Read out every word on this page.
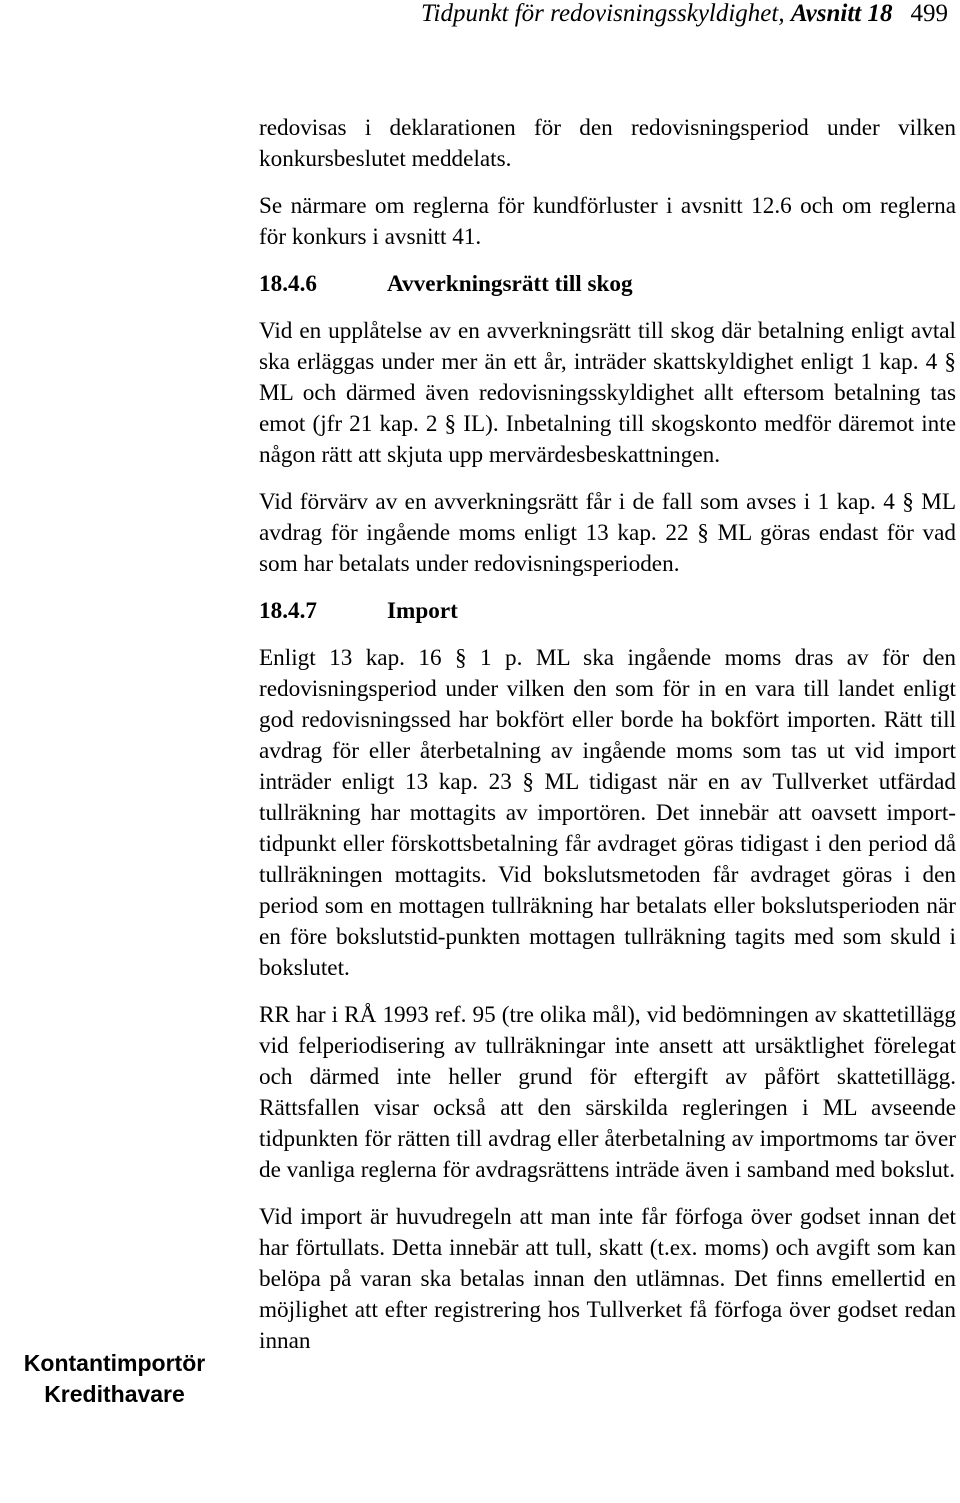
Tidpunkt för redovisningsskyldighet, Avsnitt 18 499

redovisas i deklarationen för den redovisningsperiod under vilken konkursbeslutet meddelats.

Se närmare om reglerna för kundförluster i avsnitt 12.6 och om reglerna för konkurs i avsnitt 41.

18.4.6	Avverkningsrätt till skog

Vid en upplåtelse av en avverkningsrätt till skog där betalning enligt avtal ska erläggas under mer än ett år, inträder skattskyldighet enligt 1 kap. 4 § ML och därmed även redovisningsskyldighet allt eftersom betalning tas emot (jfr 21 kap. 2 § IL). Inbetalning till skogskonto medför däremot inte någon rätt att skjuta upp mervärdesbeskattningen.

Vid förvärv av en avverkningsrätt får i de fall som avses i 1 kap. 4 § ML avdrag för ingående moms enligt 13 kap. 22 § ML göras endast för vad som har betalats under redovisningsperioden.

18.4.7	Import

Enligt 13 kap. 16 § 1 p. ML ska ingående moms dras av för den redovisningsperiod under vilken den som för in en vara till landet enligt god redovisningssed har bokfört eller borde ha bokfört importen. Rätt till avdrag för eller återbetalning av ingående moms som tas ut vid import inträder enligt 13 kap. 23 § ML tidigast när en av Tullverket utfärdad tullräkning har mottagits av importören. Det innebär att oavsett import-tidpunkt eller förskottsbetalning får avdraget göras tidigast i den period då tullräkningen mottagits. Vid bokslutsmetoden får avdraget göras i den period som en mottagen tullräkning har betalats eller bokslutsperioden när en före bokslutstid-punkten mottagen tullräkning tagits med som skuld i bokslutet.

RR har i RÅ 1993 ref. 95 (tre olika mål), vid bedömningen av skattetillägg vid felperiodisering av tullräkningar inte ansett att ursäktlighet förelegat och därmed inte heller grund för eftergift av påfört skattetillägg. Rättsfallen visar också att den särskilda regleringen i ML avseende tidpunkten för rätten till avdrag eller återbetalning av importmoms tar över de vanliga reglerna för avdragsrättens inträde även i samband med bokslut.

Vid import är huvudregeln att man inte får förfoga över godset innan det har förtullats. Detta innebär att tull, skatt (t.ex. moms) och avgift som kan belöpa på varan ska betalas innan den utlämnas. Det finns emellertid en möjlighet att efter registrering hos Tullverket få förfoga över godset redan innan

Kontantimportör
Kredithavare
